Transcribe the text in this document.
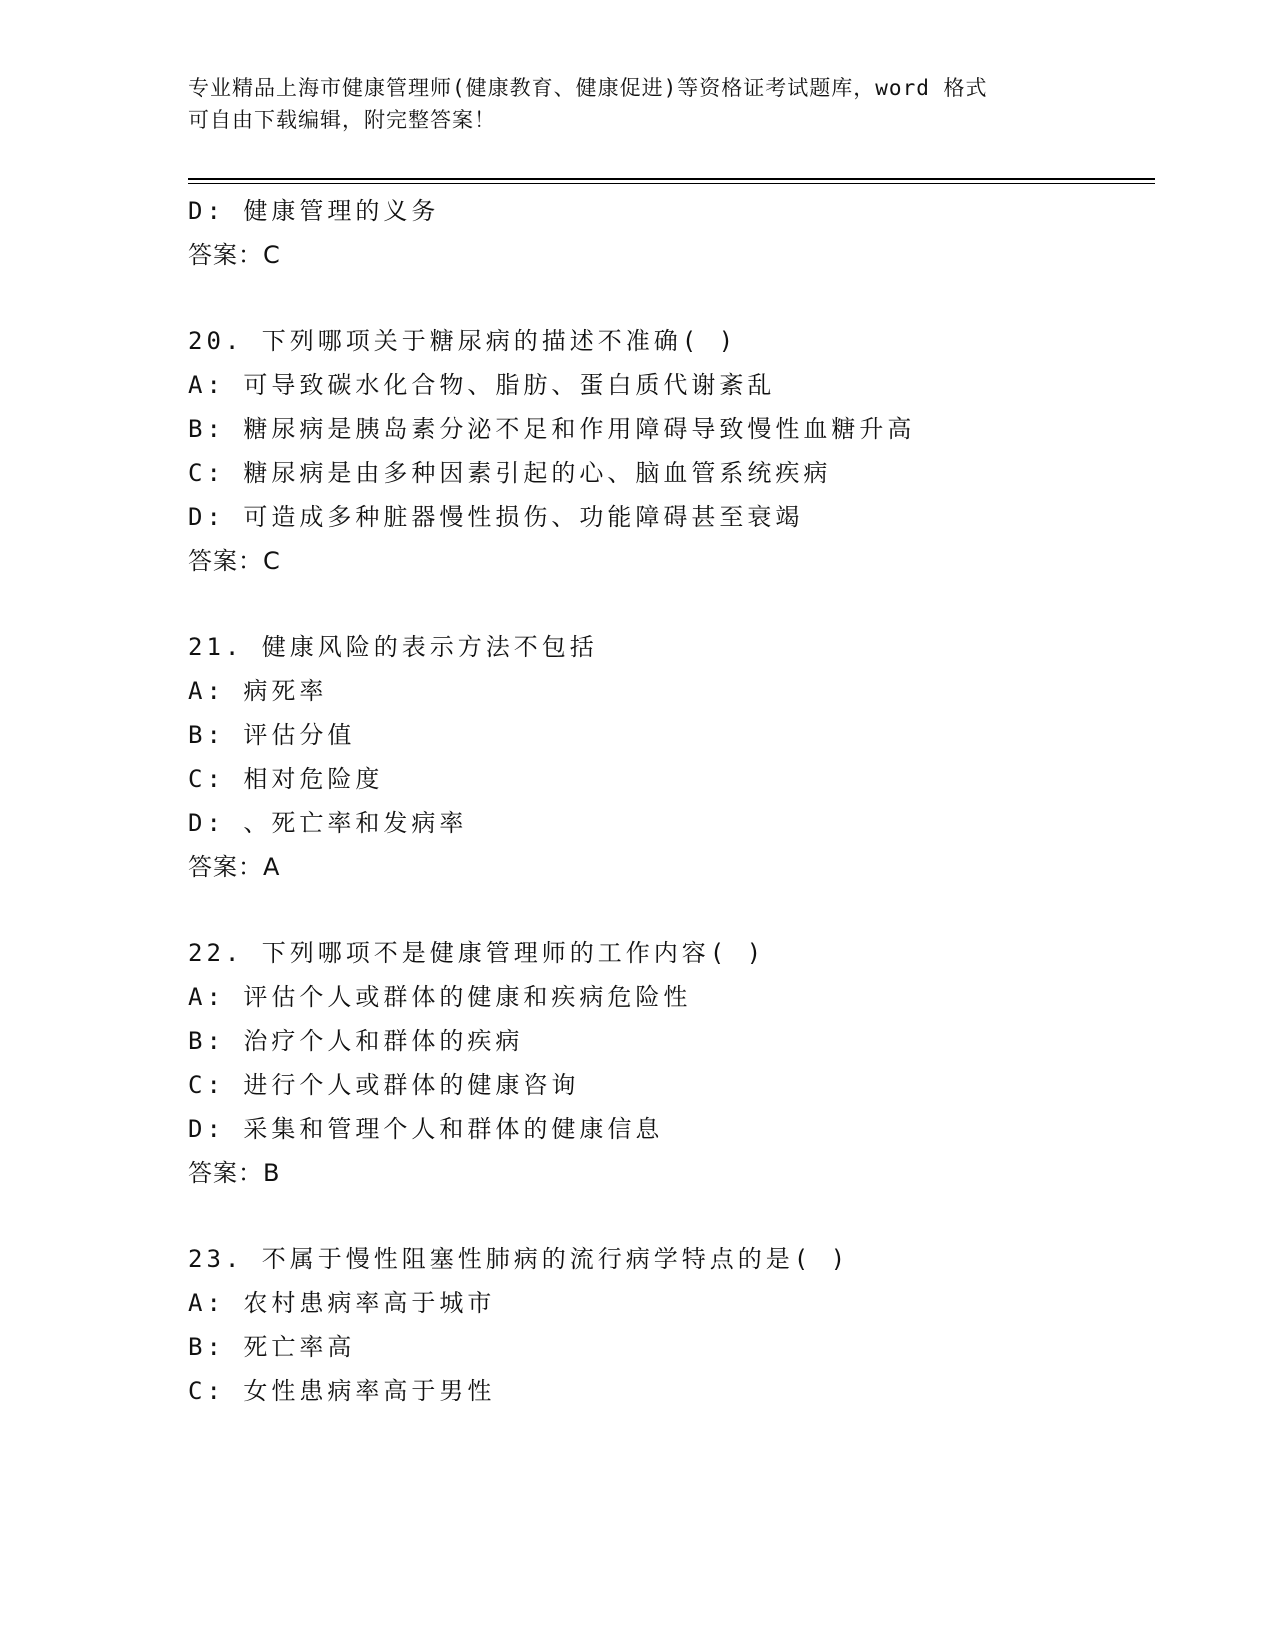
专业精品上海市健康管理师(健康教育、健康促进)等资格证考试题库，word 格式
可自由下载编辑，附完整答案！
D: 健康管理的义务
答案：C
20. 下列哪项关于糖尿病的描述不准确( )
A: 可导致碳水化合物、脂肪、蛋白质代谢紊乱
B: 糖尿病是胰岛素分泌不足和作用障碍导致慢性血糖升高
C: 糖尿病是由多种因素引起的心、脑血管系统疾病
D: 可造成多种脏器慢性损伤、功能障碍甚至衰竭
答案：C
21. 健康风险的表示方法不包括
A: 病死率
B: 评估分值
C: 相对危险度
D: 、死亡率和发病率
答案：A
22. 下列哪项不是健康管理师的工作内容( )
A: 评估个人或群体的健康和疾病危险性
B: 治疗个人和群体的疾病
C: 进行个人或群体的健康咨询
D: 采集和管理个人和群体的健康信息
答案：B
23. 不属于慢性阻塞性肺病的流行病学特点的是( )
A: 农村患病率高于城市
B: 死亡率高
C: 女性患病率高于男性
